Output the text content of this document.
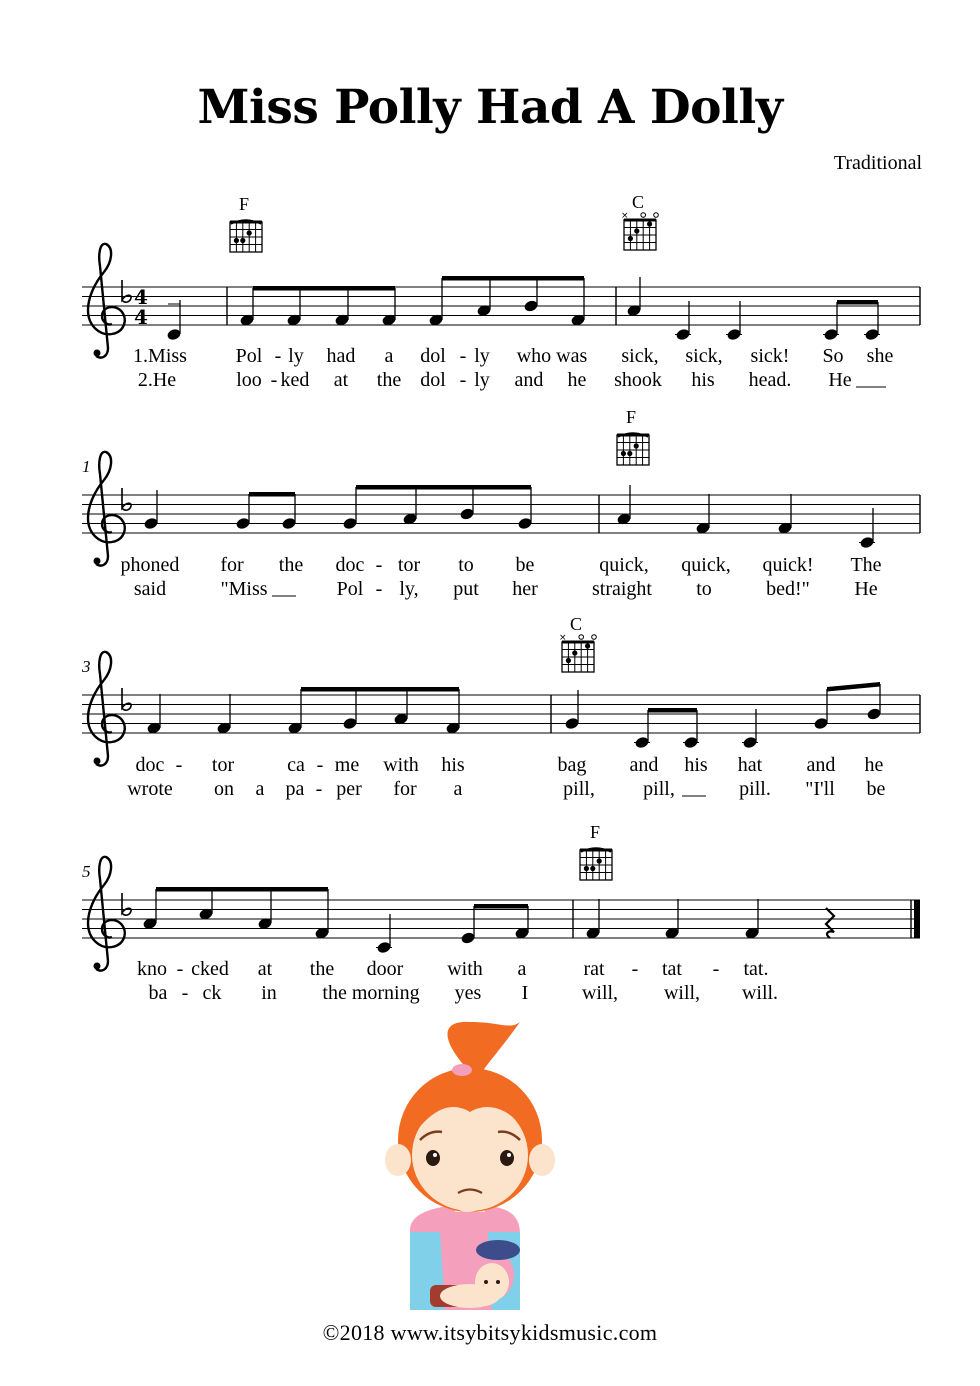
Miss Polly Had A Dolly
Traditional
4
4
F	C
×
1.Miss Pol - ly had a dol - ly who was sick, sick, sick! So she
2.He	loo - ked at the dol - ly and he shook his head. He
1
F
phoned for the doc - tor to be	quick, quick, quick! The
said	"Miss	Pol - ly, put her	straight to	bed!" He
3
C
×
doc - tor	ca - me with his	bag and his hat and he
wrote on a pa - per for a	pill, pill,	pill. "I'll be
5
F
kno - cked at the door with a	rat - tat - tat.
ba - ck in the morning yes I	will, will, will.
©2018 www.itsybitsykidsmusic.com
